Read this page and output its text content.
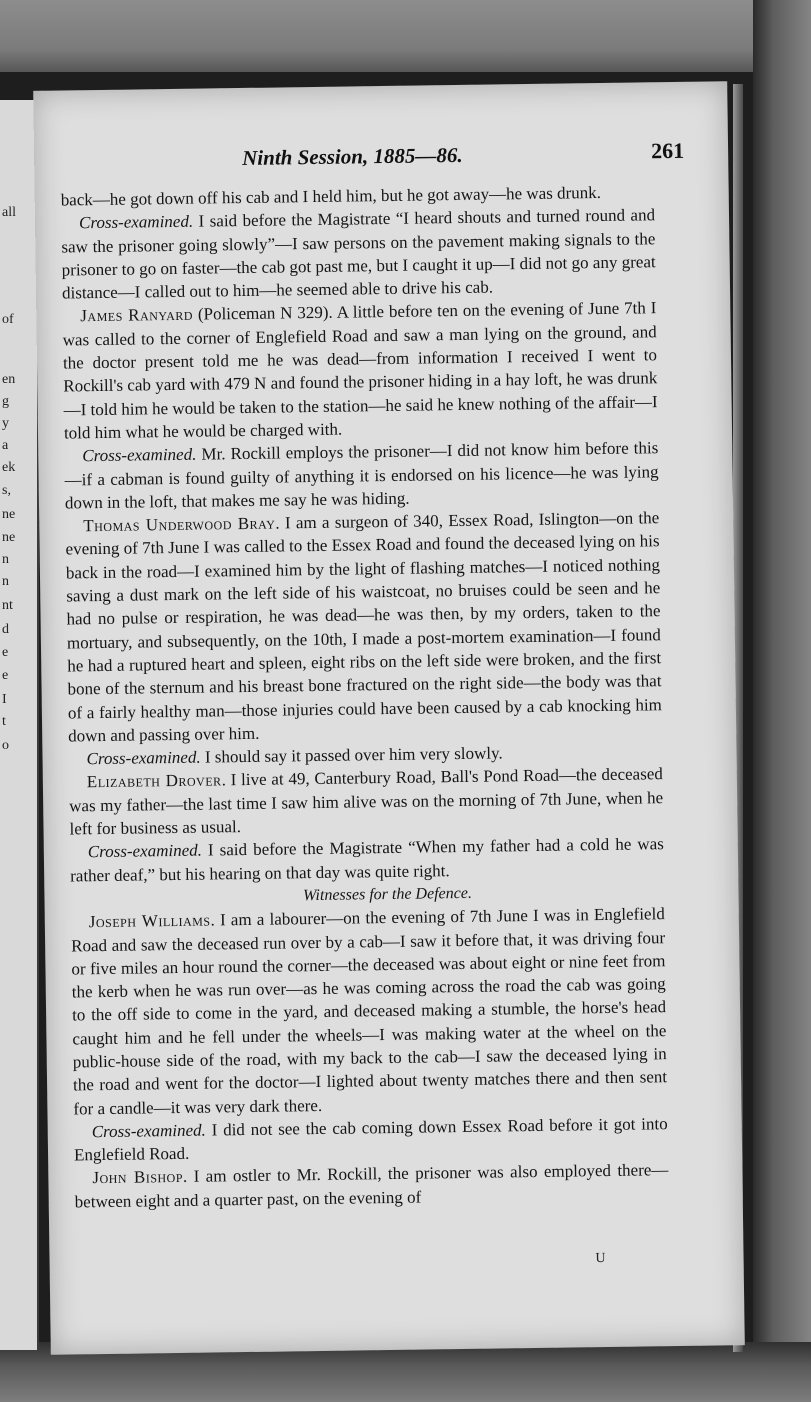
all
of
en
g
y
a
ek
s,
ne
ne
n
n
nt
d
e
e
I
t
o
Ninth Session, 1885—86.	261

back—he got down off his cab and I held him, but he got away—he was drunk.

Cross-examined. I said before the Magistrate “I heard shouts and turned round and saw the prisoner going slowly”—I saw persons on the pavement making signals to the prisoner to go on faster—the cab got past me, but I caught it up—I did not go any great distance—I called out to him—he seemed able to drive his cab.

James Ranyard (Policeman N 329). A little before ten on the evening of June 7th I was called to the corner of Englefield Road and saw a man lying on the ground, and the doctor present told me he was dead—from information I received I went to Rockill's cab yard with 479 N and found the prisoner hiding in a hay loft, he was drunk—I told him he would be taken to the station—he said he knew nothing of the affair—I told him what he would be charged with.

Cross-examined. Mr. Rockill employs the prisoner—I did not know him before this—if a cabman is found guilty of anything it is endorsed on his licence—he was lying down in the loft, that makes me say he was hiding.

Thomas Underwood Bray. I am a surgeon of 340, Essex Road, Islington—on the evening of 7th June I was called to the Essex Road and found the deceased lying on his back in the road—I examined him by the light of flashing matches—I noticed nothing saving a dust mark on the left side of his waistcoat, no bruises could be seen and he had no pulse or respiration, he was dead—he was then, by my orders, taken to the mortuary, and subsequently, on the 10th, I made a post-mortem examination—I found he had a ruptured heart and spleen, eight ribs on the left side were broken, and the first bone of the sternum and his breast bone fractured on the right side—the body was that of a fairly healthy man—those injuries could have been caused by a cab knocking him down and passing over him.

Cross-examined. I should say it passed over him very slowly.

Elizabeth Drover. I live at 49, Canterbury Road, Ball's Pond Road—the deceased was my father—the last time I saw him alive was on the morning of 7th June, when he left for business as usual.

Cross-examined. I said before the Magistrate “When my father had a cold he was rather deaf,” but his hearing on that day was quite right.

Witnesses for the Defence.

Joseph Williams. I am a labourer—on the evening of 7th June I was in Englefield Road and saw the deceased run over by a cab—I saw it before that, it was driving four or five miles an hour round the corner—the deceased was about eight or nine feet from the kerb when he was run over—as he was coming across the road the cab was going to the off side to come in the yard, and deceased making a stumble, the horse's head caught him and he fell under the wheels—I was making water at the wheel on the public-house side of the road, with my back to the cab—I saw the deceased lying in the road and went for the doctor—I lighted about twenty matches there and then sent for a candle—it was very dark there.

Cross-examined. I did not see the cab coming down Essex Road before it got into Englefield Road.

John Bishop. I am ostler to Mr. Rockill, the prisoner was also employed there—between eight and a quarter past, on the evening of

U
